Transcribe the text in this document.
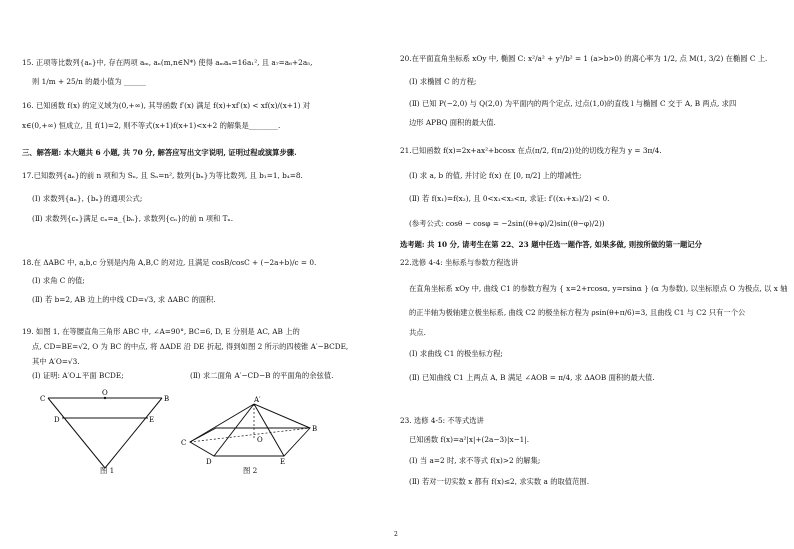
15. 正项等比数列{aₙ}中, 存在两项 aₘ, aₙ(m,n∈N*) 使得 aₘaₙ=16a₁², 且 a₇=a₆+2a₅,
则 1/m + 25/n 的最小值为 ______
16. 已知函数 f(x) 的定义域为(0,+∞), 其导函数 f′(x) 满足 f(x)+xf′(x) < xf(x)/(x+1) 对
x∈(0,+∞) 恒成立, 且 f(1)=2, 则不等式(x+1)f(x+1)<x+2 的解集是________.
三、解答题: 本大题共 6 小题, 共 70 分, 解答应写出文字说明, 证明过程或演算步骤.
17.已知数列{aₙ}的前 n 项和为 Sₙ, 且 Sₙ=n², 数列{bₙ}为等比数列, 且 b₁=1, b₄=8.
(Ⅰ) 求数列{aₙ}, {bₙ}的通项公式;
(Ⅱ) 求数列{cₙ}满足 cₙ=a_{bₙ}, 求数列{cₙ}的前 n 项和 Tₙ.
18.在 ΔABC 中, a,b,c 分别是内角 A,B,C 的对边, 且满足 cosB/cosC + (−2a+b)/c = 0.
(Ⅰ) 求角 C 的值;
(Ⅱ) 若 b=2, AB 边上的中线 CD=√3, 求 ΔABC 的面积.
19. 如图 1, 在等腰直角三角形 ABC 中, ∠A=90°, BC=6, D, E 分别是 AC, AB 上的
点, CD=BE=√2, O 为 BC 的中点, 将 ΔADE 沿 DE 折起, 得到如图 2 所示的四棱锥 A′−BCDE,
其中 A′O=√3.
(Ⅰ) 证明: A′O⊥平面 BCDE;	(Ⅱ) 求二面角 A′−CD−B 的平面角的余弦值.
C	B
O
D	E
图 1
A′
C
B
D	E
O
图 2
20.在平面直角坐标系 xOy 中, 椭圆 C: x²/a² + y²/b² = 1 (a>b>0) 的离心率为 1/2, 点 M(1, 3/2) 在椭圆 C 上.
(Ⅰ) 求椭圆 C 的方程;
(Ⅱ) 已知 P(−2,0) 与 Q(2,0) 为平面内的两个定点, 过点(1,0)的直线 l 与椭圆 C 交于 A, B 两点, 求四
边形 APBQ 面积的最大值.
21.已知函数 f(x)=2x+ax²+bcosx 在点(π/2, f(π/2))处的切线方程为 y = 3π/4.
(Ⅰ) 求 a, b 的值, 并讨论 f(x) 在 [0, π/2] 上的增减性;
(Ⅱ) 若 f(x₁)=f(x₂), 且 0<x₁<x₂<π, 求证: f′((x₁+x₂)/2) < 0.
(参考公式: cosθ − cosφ = −2sin((θ+φ)/2)sin((θ−φ)/2))
选考题: 共 10 分, 请考生在第 22、23 题中任选一题作答, 如果多做, 则按所做的第一题记分
22.选修 4-4: 坐标系与参数方程选讲
在直角坐标系 xOy 中, 曲线 C1 的参数方程为 { x=2+rcosα, y=rsinα } (α 为参数), 以坐标原点 O 为极点, 以 x 轴
的正半轴为极轴建立极坐标系, 曲线 C2 的极坐标方程为 ρsin(θ+π/6)=3, 且曲线 C1 与 C2 只有一个公
共点.
(Ⅰ) 求曲线 C1 的极坐标方程;
(Ⅱ) 已知曲线 C1 上两点 A, B 满足 ∠AOB = π/4, 求 ΔAOB 面积的最大值.
23. 选修 4-5: 不等式选讲
已知函数 f(x)=a²|x|+(2a−3)|x−1|.
(Ⅰ) 当 a=2 时, 求不等式 f(x)>2 的解集;
(Ⅱ) 若对一切实数 x 都有 f(x)≤2, 求实数 a 的取值范围.
2
